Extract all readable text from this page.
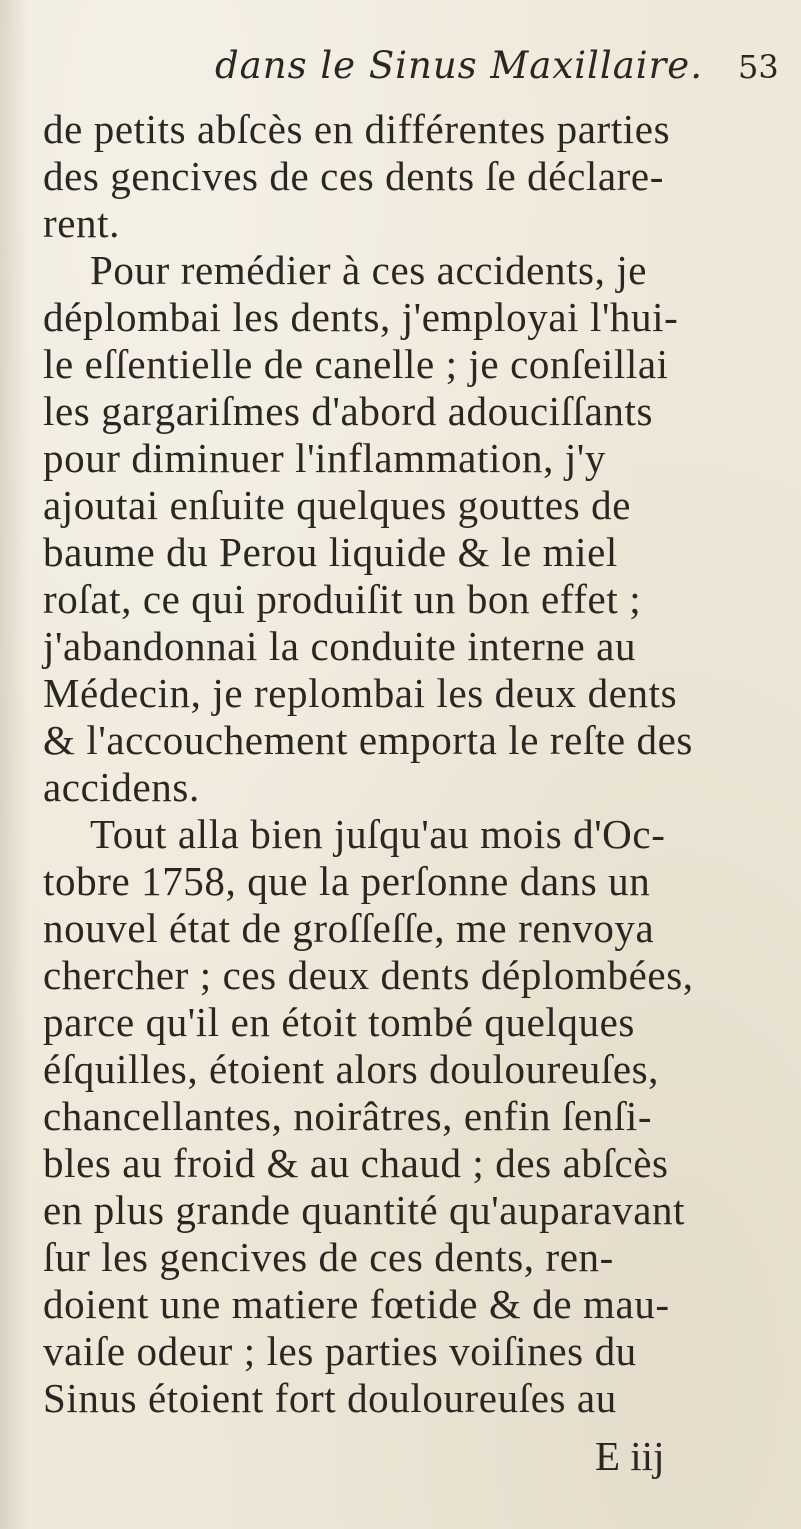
dans le Sinus Maxillaire. 53
de petits abſcès en différentes parties
des gencives de ces dents ſe déclare-
rent.
Pour remédier à ces accidents, je
déplombai les dents, j'employai l'hui-
le eſſentielle de canelle ; je conſeillai
les gargariſmes d'abord adouciſſants
pour diminuer l'inflammation, j'y
ajoutai enſuite quelques gouttes de
baume du Perou liquide & le miel
roſat, ce qui produiſit un bon effet ;
j'abandonnai la conduite interne au
Médecin, je replombai les deux dents
& l'accouchement emporta le reſte des
accidens.
Tout alla bien juſqu'au mois d'Oc-
tobre 1758, que la perſonne dans un
nouvel état de groſſeſſe, me renvoya
chercher ; ces deux dents déplombées,
parce qu'il en étoit tombé quelques
éſquilles, étoient alors douloureuſes,
chancellantes, noirâtres, enfin ſenſi-
bles au froid & au chaud ; des abſcès
en plus grande quantité qu'auparavant
ſur les gencives de ces dents, ren-
doient une matiere fœtide & de mau-
vaiſe odeur ; les parties voiſines du
Sinus étoient fort douloureuſes au
E iij
